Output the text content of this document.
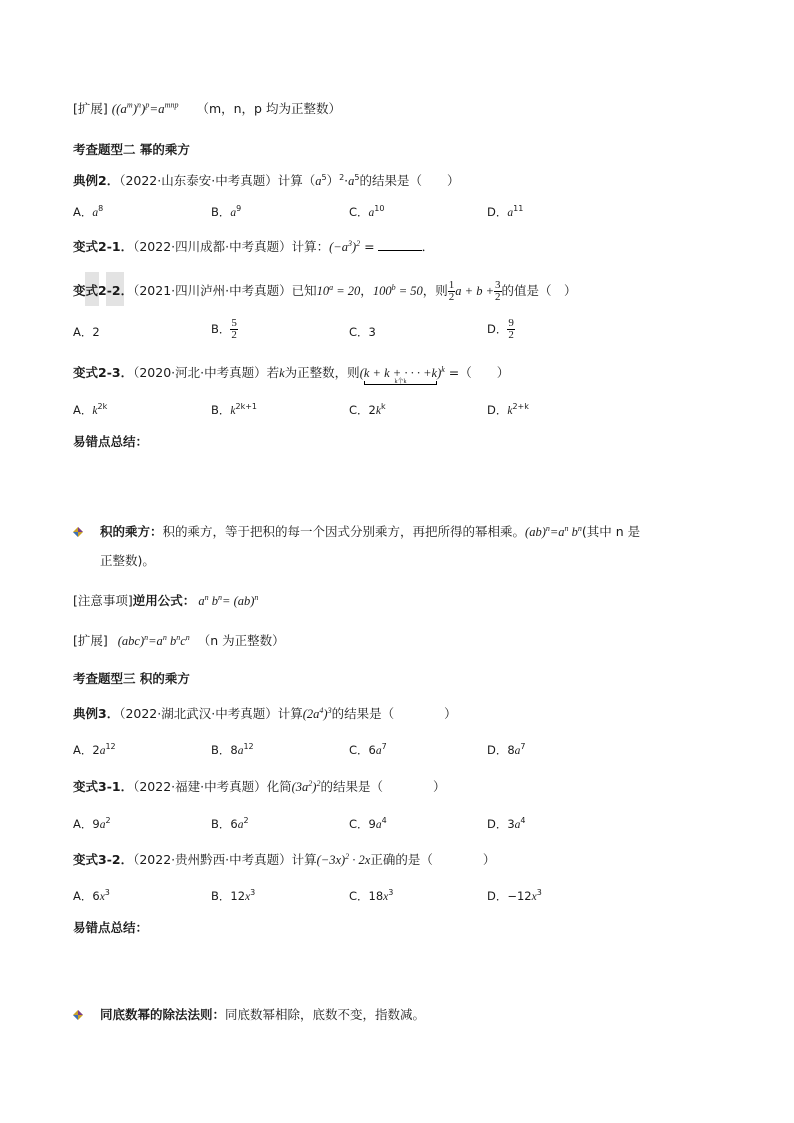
[扩展] $((a^m)^n)^p=a^{mnp}$ （m，n，p 均为正整数）
考查题型二 幂的乘方
典例2．（2022·山东泰安·中考真题）计算$(a^5)^2\cdot a^5$的结果是（　　）
A．$a^8$	B．$a^9$	C．$a^{10}$	D．$a^{11}$
变式2-1．（2022·四川成都·中考真题）计算：$(-a^3)^2$ =	．
变式2-2．（2021·四川泸州·中考真题）已知$10^a = 20$，$100^b = 50$，则 $\frac{1}{2}$ $a + b + \frac{3}{2}$ 的值是（　）
A．2	B． $\frac{5}{2}$	C．3	D． $\frac{9}{2}$
变式2-3．（2020·河北·中考真题）若k为正整数，则(k + k + · · · +k
k个k
)$^k$ =（　　）
A．$k^{2k}$	B．$k^{2k+1}$	C．$2k^k$	D．$k^{2+k}$
易错点总结：
积的乘方：积的乘方，等于把积的每一个因式分别乘方，再把所得的幂相乘。$(ab)^n=a^n$ $b^n$(其中 n 是
正整数)。
[注意事项]逆用公式： $a^n$ $b^n= (ab)^n$
[扩展] $(abc)^n=a^n$ $b^nc^n$ （n 为正整数）
考查题型三 积的乘方
典例3．（2022·湖北武汉·中考真题）计算$(2a^4)^3$的结果是（　　　　）
A．$2a^{12}$	B．$8a^{12}$	C．$6a^7$	D．$8a^7$
变式3-1．（2022·福建·中考真题）化简$(3a^2)^2$的结果是（　　　　）
A．$9a^2$	B．$6a^2$	C．$9a^4$	D．$3a^4$
变式3-2．（2022·贵州黔西·中考真题）计算$(-3x)^2 \cdot 2x$正确的是（　　　　）
A．$6x^3$	B．$12x^3$	C．$18x^3$	D．$-12x^3$
易错点总结：
同底数幂的除法法则：同底数幂相除，底数不变，指数减。
